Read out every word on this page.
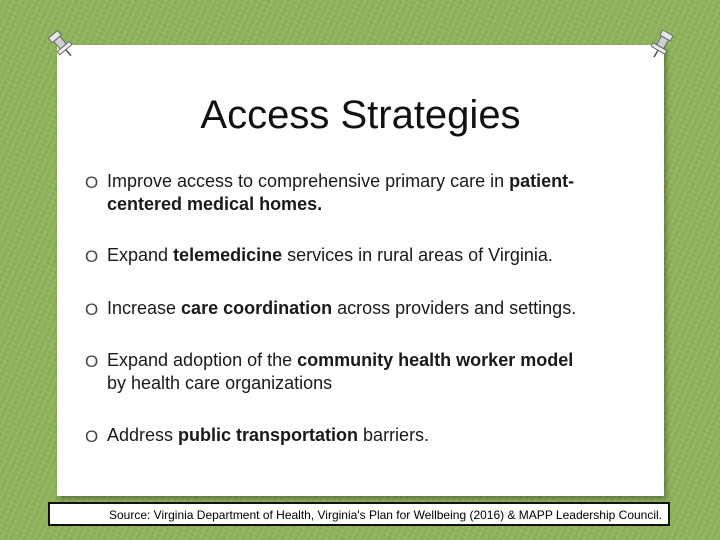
Access Strategies
O Improve access to comprehensive primary care in patient-
centered medical homes.
O Expand telemedicine services in rural areas of Virginia.
O Increase care coordination across providers and settings.
O Expand adoption of the community health worker model
by health care organizations
O Address public transportation barriers.
Source: Virginia Department of Health, Virginia's Plan for Wellbeing (2016) & MAPP Leadership Council.
